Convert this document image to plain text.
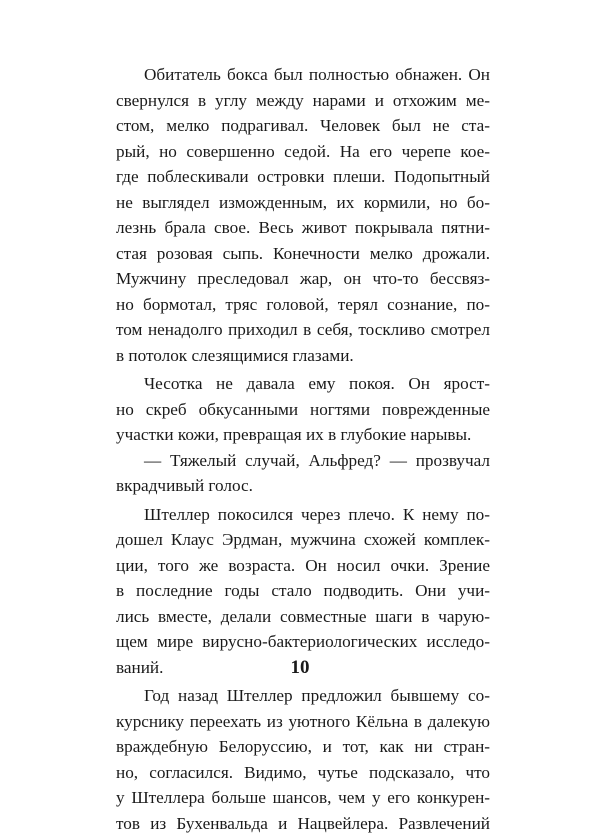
Обитатель бокса был полностью обнажен. Он
свернулся в углу между нарами и отхожим ме-
стом, мелко подрагивал. Человек был не ста-
рый, но совершенно седой. На его черепе кое-
где поблескивали островки плеши. Подопытный
не выглядел изможденным, их кормили, но бо-
лезнь брала свое. Весь живот покрывала пятни-
стая розовая сыпь. Конечности мелко дрожали.
Мужчину преследовал жар, он что-то бессвяз-
но бормотал, тряс головой, терял сознание, по-
том ненадолго приходил в себя, тоскливо смотрел
в потолок слезящимися глазами.
Чесотка не давала ему покоя. Он ярост-
но скреб обкусанными ногтями поврежденные
участки кожи, превращая их в глубокие нарывы.
— Тяжелый случай, Альфред? — прозвучал
вкрадчивый голос.
Штеллер покосился через плечо. К нему по-
дошел Клаус Эрдман, мужчина схожей комплек-
ции, того же возраста. Он носил очки. Зрение
в последние годы стало подводить. Они учи-
лись вместе, делали совместные шаги в чарую-
щем мире вирусно-бактериологических исследо-
ваний.
Год назад Штеллер предложил бывшему со-
курснику переехать из уютного Кёльна в далекую
враждебную Белоруссию, и тот, как ни стран-
но, согласился. Видимо, чутье подсказало, что
у Штеллера больше шансов, чем у его конкурен-
тов из Бухенвальда и Нацвейлера. Развлечений
10
